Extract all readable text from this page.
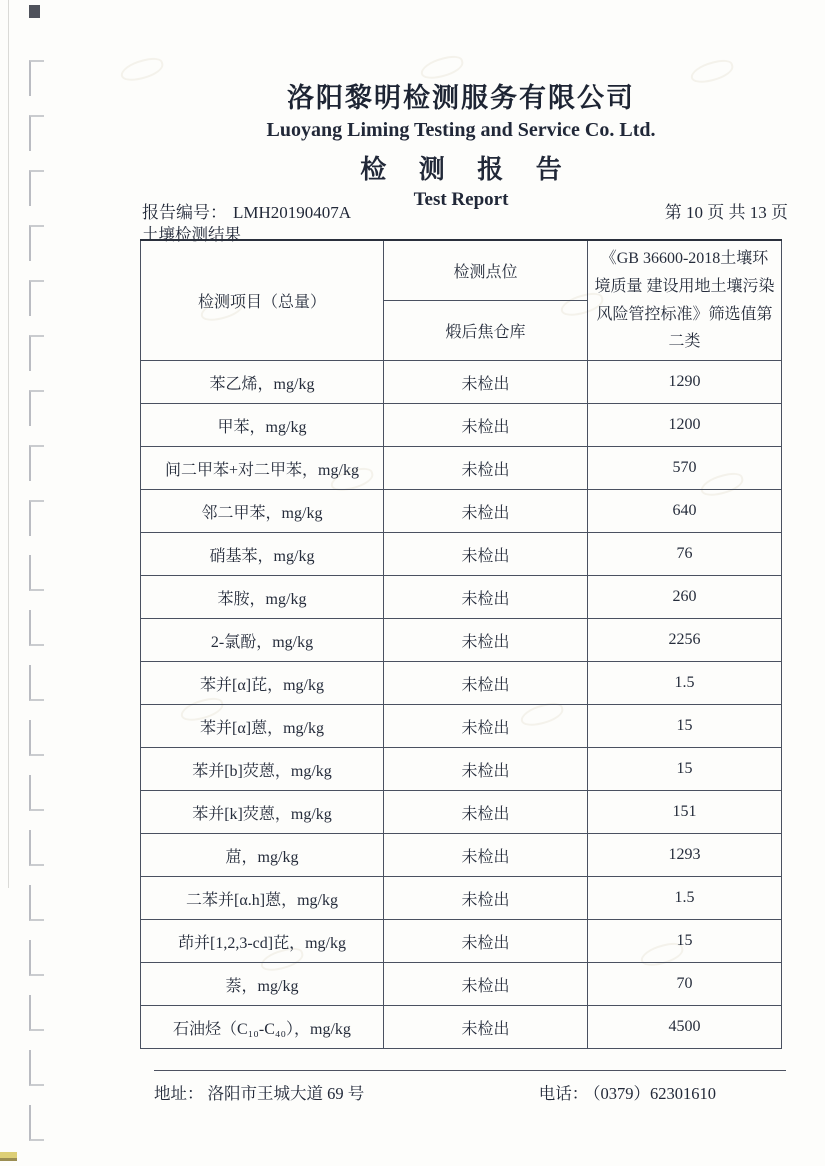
洛阳黎明检测服务有限公司
Luoyang Liming Testing and Service Co. Ltd.
检 测 报 告
Test Report
报告编号： LMH20190407A	第 10 页 共 13 页
土壤检测结果
检测项目（总量）	检测点位	《GB 36600-2018土壤环境质量 建设用地土壤污染风险管控标准》筛选值第二类
	煅后焦仓库	
苯乙烯，mg/kg	未检出	1290
甲苯，mg/kg	未检出	1200
间二甲苯+对二甲苯，mg/kg	未检出	570
邻二甲苯，mg/kg	未检出	640
硝基苯，mg/kg	未检出	76
苯胺，mg/kg	未检出	260
2-氯酚，mg/kg	未检出	2256
苯并[α]芘，mg/kg	未检出	1.5
苯并[α]蒽，mg/kg	未检出	15
苯并[b]荧蒽，mg/kg	未检出	15
苯并[k]荧蒽，mg/kg	未检出	151
䓛，mg/kg	未检出	1293
二苯并[α.h]蒽，mg/kg	未检出	1.5
茚并[1,2,3-cd]芘，mg/kg	未检出	15
萘，mg/kg	未检出	70
石油烃（C₁₀-C₄₀），mg/kg	未检出	4500
地址： 洛阳市王城大道 69 号	电话： （0379）62301610
